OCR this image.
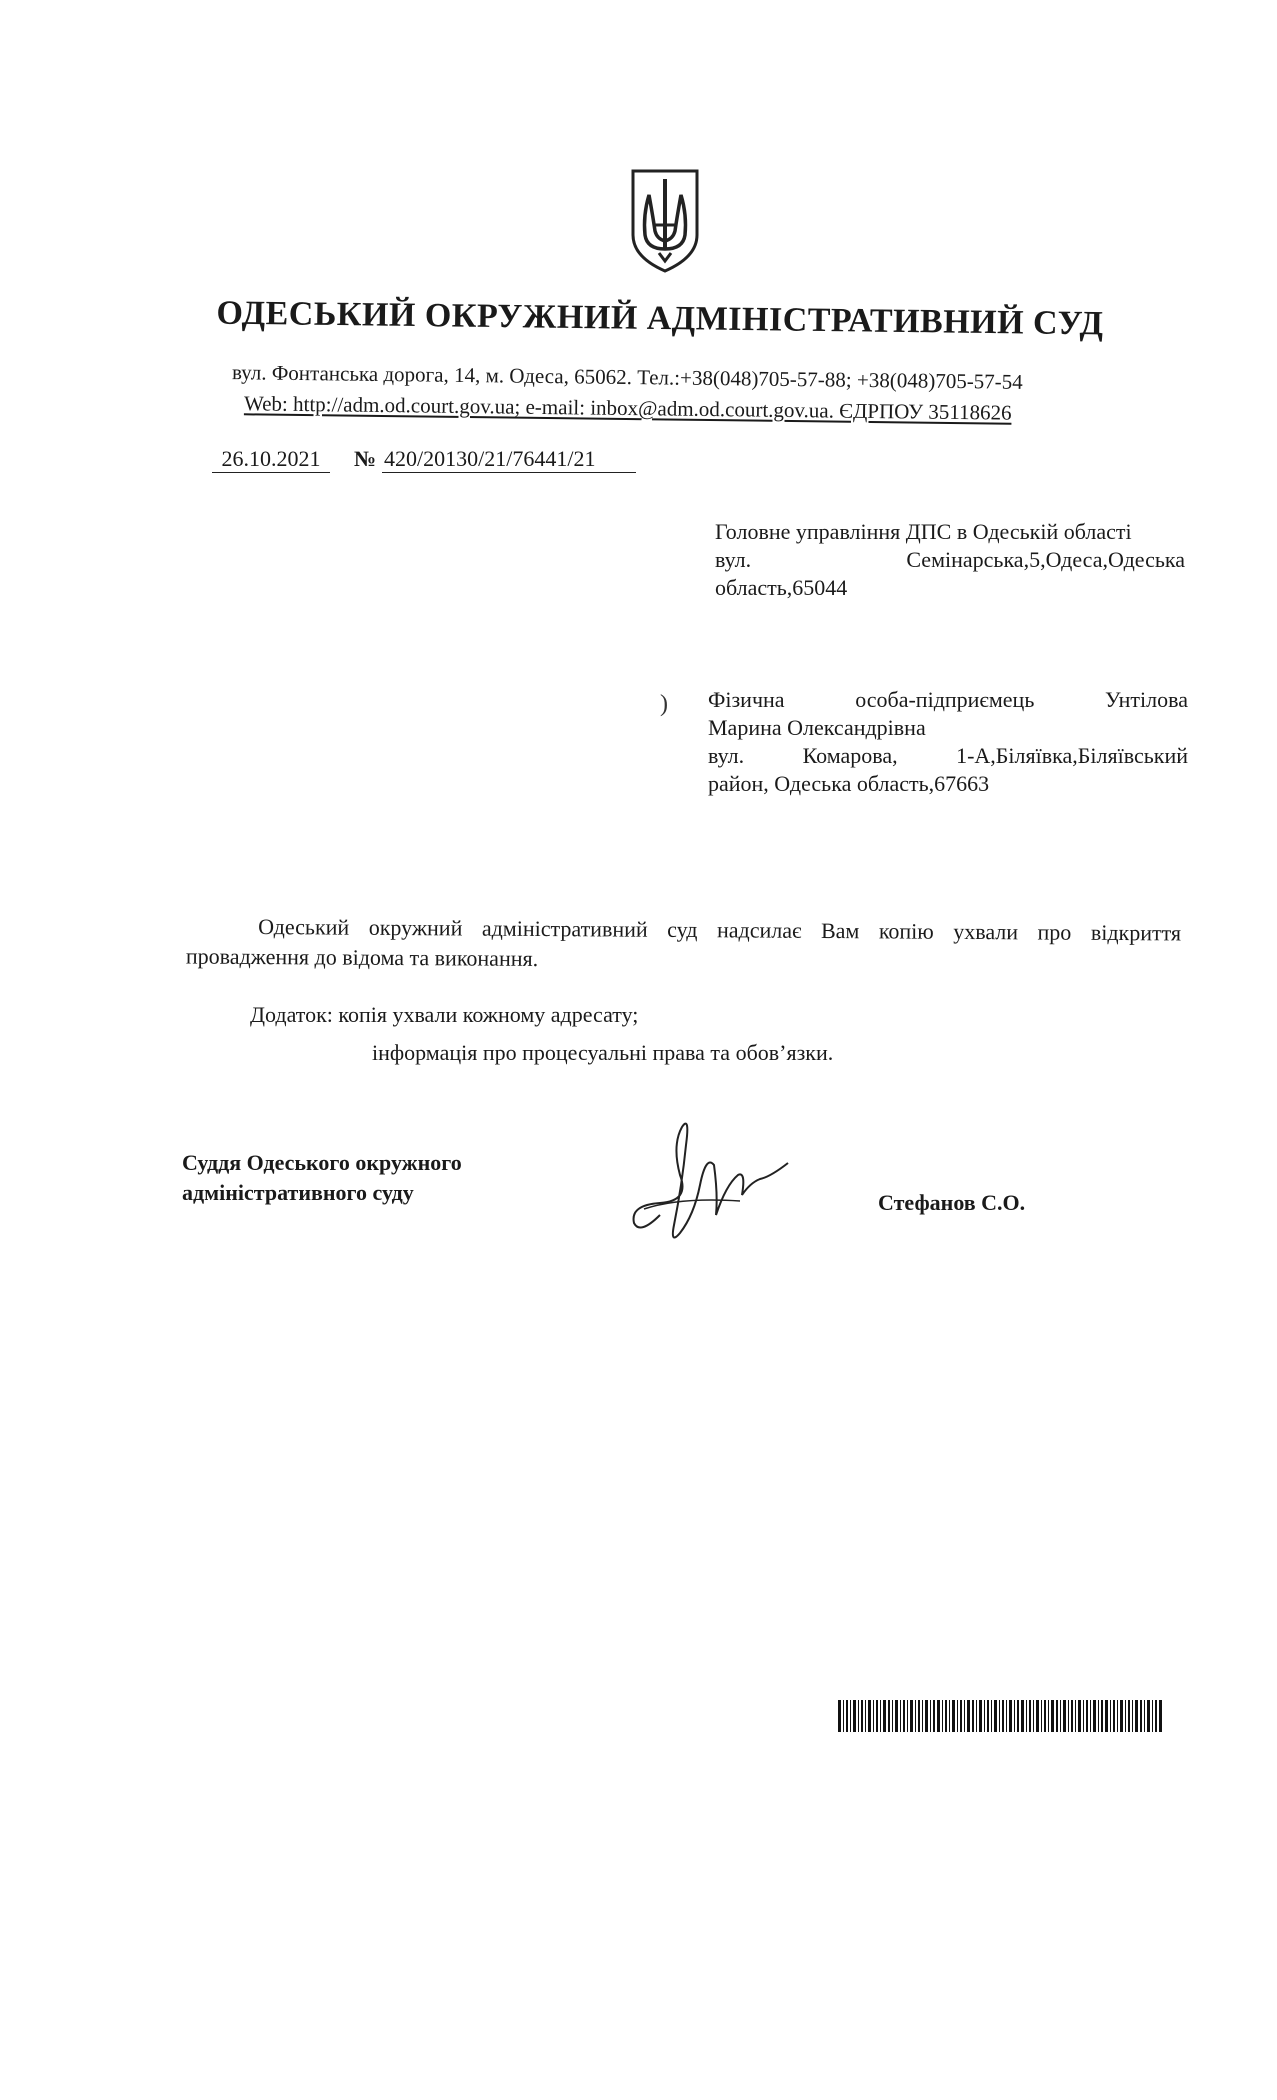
ОДЕСЬКИЙ ОКРУЖНИЙ АДМІНІСТРАТИВНИЙ СУД
вул. Фонтанська дорога, 14, м. Одеса, 65062. Тел.:+38(048)705-57-88; +38(048)705-57-54
Web: http://adm.od.court.gov.ua; e-mail: inbox@adm.od.court.gov.ua. ЄДРПОУ 35118626
26.10.2021	№ 420/20130/21/76441/21
Головне управління ДПС в Одеській області
вул. Семінарська,5,Одеса,Одеська
область,65044
Фізична особа-підприємець Унтілова
Марина Олександрівна
вул. Комарова, 1-А,Біляївка,Біляївський
район, Одеська область,67663
)
Одеський окружний адміністративний суд надсилає Вам копію ухвали про відкриття провадження до відома та виконання.
Додаток: копія ухвали кожному адресату;
інформація про процесуальні права та обов’язки.
Суддя Одеського окружного
адміністративного суду	Стефанов С.О.
